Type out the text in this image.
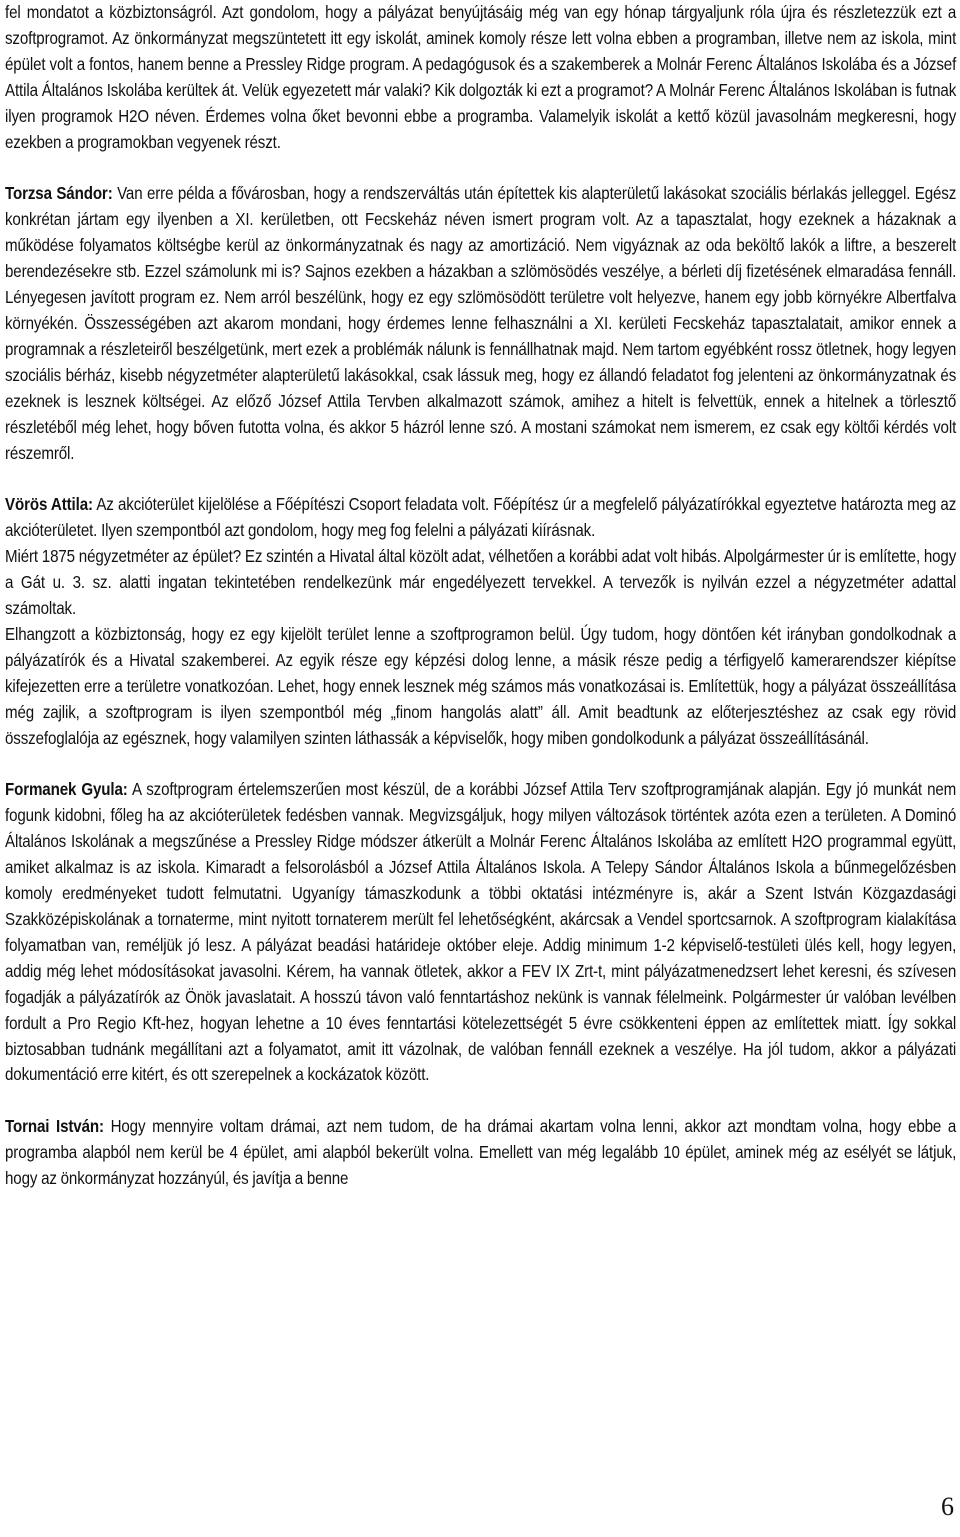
fel mondatot a közbiztonságról. Azt gondolom, hogy a pályázat benyújtásáig még van egy hónap tárgyaljunk róla újra és részletezzük ezt a szoftprogramot. Az önkormányzat megszüntetett itt egy iskolát, aminek komoly része lett volna ebben a programban, illetve nem az iskola, mint épület volt a fontos, hanem benne a Pressley Ridge program. A pedagógusok és a szakemberek a Molnár Ferenc Általános Iskolába és a József Attila Általános Iskolába kerültek át. Velük egyezetett már valaki? Kik dolgozták ki ezt a programot? A Molnár Ferenc Általános Iskolában is futnak ilyen programok H2O néven. Érdemes volna őket bevonni ebbe a programba. Valamelyik iskolát a kettő közül javasolnám megkeresni, hogy ezekben a programokban vegyenek részt.

Torzsa Sándor: Van erre példa a fővárosban, hogy a rendszerváltás után építettek kis alapterületű lakásokat szociális bérlakás jelleggel. Egész konkrétan jártam egy ilyenben a XI. kerületben, ott Fecskeház néven ismert program volt. Az a tapasztalat, hogy ezeknek a házaknak a működése folyamatos költségbe kerül az önkormányzatnak és nagy az amortizáció. Nem vigyáznak az oda beköltő lakók a liftre, a beszerelt berendezésekre stb. Ezzel számolunk mi is? Sajnos ezekben a házakban a szlömösödés veszélye, a bérleti díj fizetésének elmaradása fennáll. Lényegesen javított program ez. Nem arról beszélünk, hogy ez egy szlömösödött területre volt helyezve, hanem egy jobb környékre Albertfalva környékén. Összességében azt akarom mondani, hogy érdemes lenne felhasználni a XI. kerületi Fecskeház tapasztalatait, amikor ennek a programnak a részleteiről beszélgetünk, mert ezek a problémák nálunk is fennállhatnak majd. Nem tartom egyébként rossz ötletnek, hogy legyen szociális bérház, kisebb négyzetméter alapterületű lakásokkal, csak lássuk meg, hogy ez állandó feladatot fog jelenteni az önkormányzatnak és ezeknek is lesznek költségei. Az előző József Attila Tervben alkalmazott számok, amihez a hitelt is felvettük, ennek a hitelnek a törlesztő részletéből még lehet, hogy bőven futotta volna, és akkor 5 házról lenne szó. A mostani számokat nem ismerem, ez csak egy költői kérdés volt részemről.

Vörös Attila: Az akcióterület kijelölése a Főépítészi Csoport feladata volt. Főépítész úr a megfelelő pályázatírókkal egyeztetve határozta meg az akcióterületet. Ilyen szempontból azt gondolom, hogy meg fog felelni a pályázati kiírásnak.

Miért 1875 négyzetméter az épület? Ez szintén a Hivatal által közölt adat, vélhetően a korábbi adat volt hibás. Alpolgármester úr is említette, hogy a Gát u. 3. sz. alatti ingatan tekintetében rendelkezünk már engedélyezett tervekkel. A tervezők is nyilván ezzel a négyzetméter adattal számoltak.

Elhangzott a közbiztonság, hogy ez egy kijelölt terület lenne a szoftprogramon belül. Úgy tudom, hogy döntően két irányban gondolkodnak a pályázatírók és a Hivatal szakemberei. Az egyik része egy képzési dolog lenne, a másik része pedig a térfigyelő kamerarendszer kiépítse kifejezetten erre a területre vonatkozóan. Lehet, hogy ennek lesznek még számos más vonatkozásai is. Említettük, hogy a pályázat összeállítása még zajlik, a szoftprogram is ilyen szempontból még „finom hangolás alatt” áll. Amit beadtunk az előterjesztéshez az csak egy rövid összefoglalója az egésznek, hogy valamilyen szinten láthassák a képviselők, hogy miben gondolkodunk a pályázat összeállításánál.

Formanek Gyula: A szoftprogram értelemszerűen most készül, de a korábbi József Attila Terv szoftprogramjának alapján. Egy jó munkát nem fogunk kidobni, főleg ha az akcióterületek fedésben vannak. Megvizsgáljuk, hogy milyen változások történtek azóta ezen a területen. A Dominó Általános Iskolának a megszűnése a Pressley Ridge módszer átkerült a Molnár Ferenc Általános Iskolába az említett H2O programmal együtt, amiket alkalmaz is az iskola. Kimaradt a felsorolásból a József Attila Általános Iskola. A Telepy Sándor Általános Iskola a bűnmegelőzésben komoly eredményeket tudott felmutatni. Ugyanígy támaszkodunk a többi oktatási intézményre is, akár a Szent István Közgazdasági Szakközépiskolának a tornaterme, mint nyitott tornaterem merült fel lehetőségként, akárcsak a Vendel sportcsarnok. A szoftprogram kialakítása folyamatban van, reméljük jó lesz. A pályázat beadási határideje október eleje. Addig minimum 1-2 képviselő-testületi ülés kell, hogy legyen, addig még lehet módosításokat javasolni. Kérem, ha vannak ötletek, akkor a FEV IX Zrt-t, mint pályázatmenedzsert lehet keresni, és szívesen fogadják a pályázatírók az Önök javaslatait. A hosszú távon való fenntartáshoz nekünk is vannak félelmeink. Polgármester úr valóban levélben fordult a Pro Regio Kft-hez, hogyan lehetne a 10 éves fenntartási kötelezettségét 5 évre csökkenteni éppen az említettek miatt. Így sokkal biztosabban tudnánk megállítani azt a folyamatot, amit itt vázolnak, de valóban fennáll ezeknek a veszélye. Ha jól tudom, akkor a pályázati dokumentáció erre kitért, és ott szerepelnek a kockázatok között.

Tornai István: Hogy mennyire voltam drámai, azt nem tudom, de ha drámai akartam volna lenni, akkor azt mondtam volna, hogy ebbe a programba alapból nem kerül be 4 épület, ami alapból bekerült volna. Emellett van még legalább 10 épület, aminek még az esélyét se látjuk, hogy az önkormányzat hozzányúl, és javítja a benne

6
